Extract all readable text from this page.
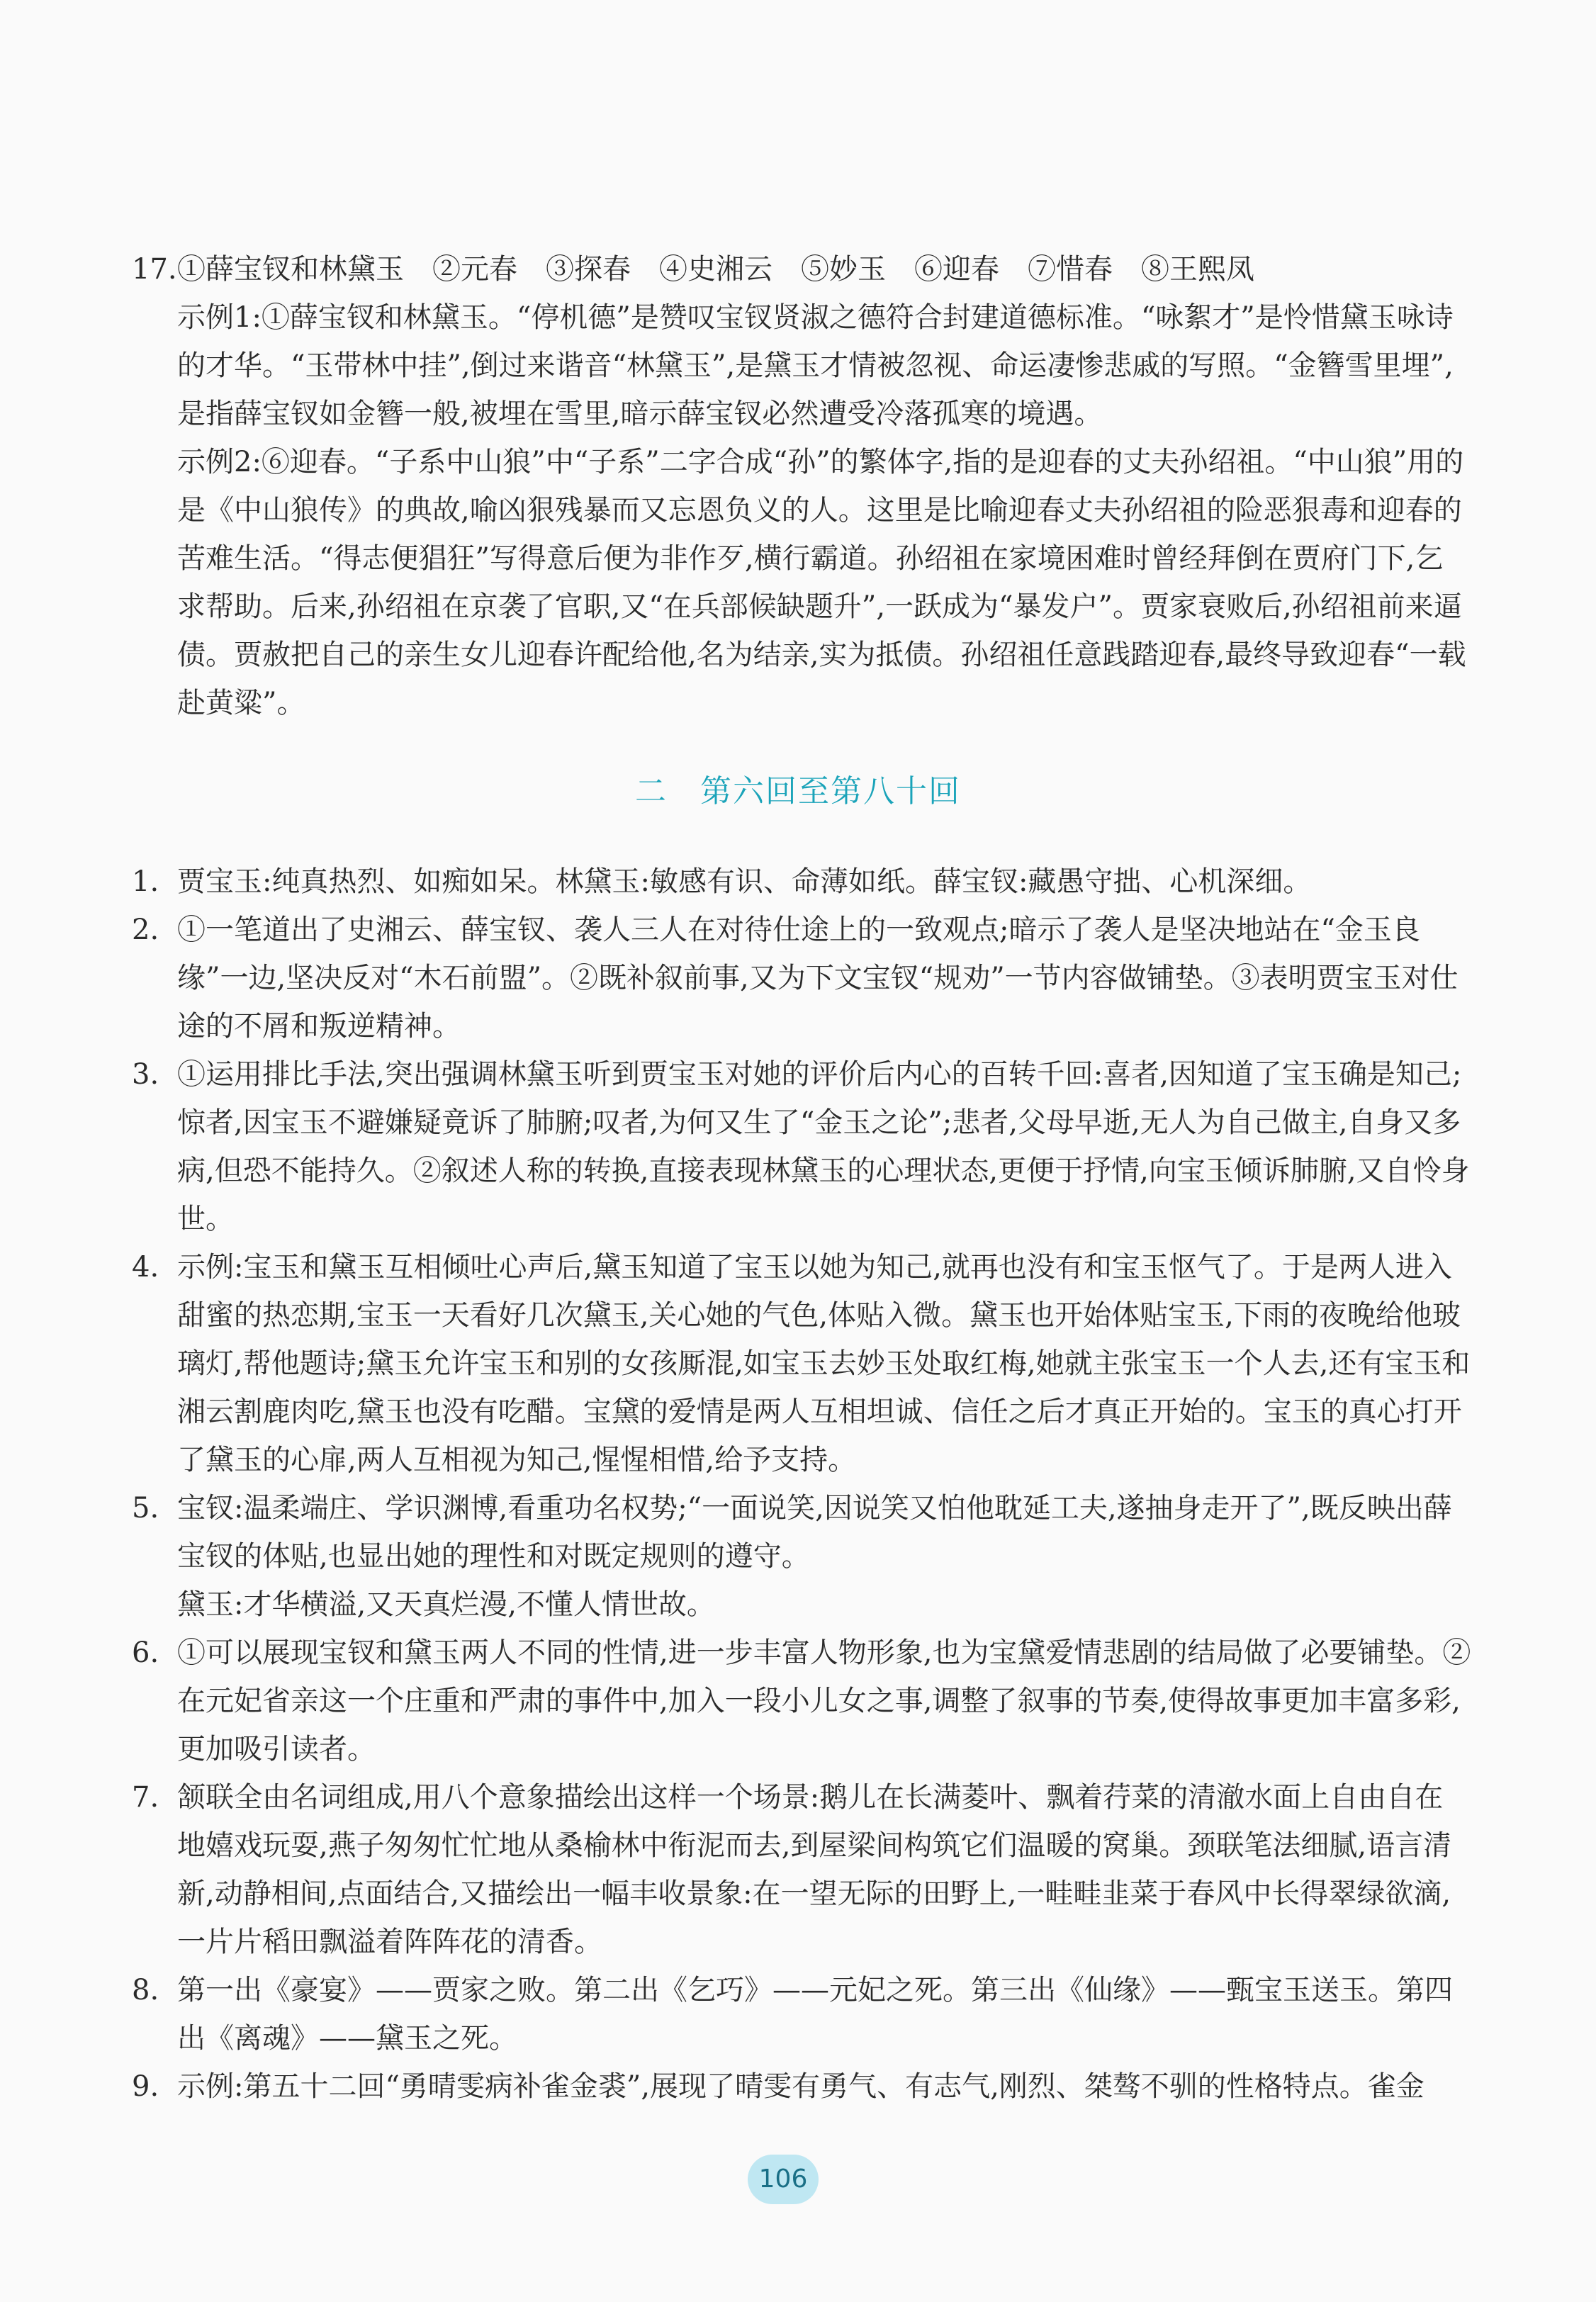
17. ①薛宝钗和林黛玉　②元春　③探春　④史湘云　⑤妙玉　⑥迎春　⑦惜春　⑧王熙凤

示例1:①薛宝钗和林黛玉。“停机德”是赞叹宝钗贤淑之德符合封建道德标准。“咏絮才”是怜惜黛玉咏诗的才华。“玉带林中挂”,倒过来谐音“林黛玉”,是黛玉才情被忽视、命运凄惨悲戚的写照。“金簪雪里埋”,是指薛宝钗如金簪一般,被埋在雪里,暗示薛宝钗必然遭受冷落孤寒的境遇。

示例2:⑥迎春。“子系中山狼”中“子系”二字合成“孙”的繁体字,指的是迎春的丈夫孙绍祖。“中山狼”用的是《中山狼传》的典故,喻凶狠残暴而又忘恩负义的人。这里是比喻迎春丈夫孙绍祖的险恶狠毒和迎春的苦难生活。“得志便猖狂”写得意后便为非作歹,横行霸道。孙绍祖在家境困难时曾经拜倒在贾府门下,乞求帮助。后来,孙绍祖在京袭了官职,又“在兵部候缺题升”,一跃成为“暴发户”。贾家衰败后,孙绍祖前来逼债。贾赦把自己的亲生女儿迎春许配给他,名为结亲,实为抵债。孙绍祖任意践踏迎春,最终导致迎春“一载赴黄粱”。

二　第六回至第八十回
1. 贾宝玉:纯真热烈、如痴如呆。林黛玉:敏感有识、命薄如纸。薛宝钗:藏愚守拙、心机深细。

2. ①一笔道出了史湘云、薛宝钗、袭人三人在对待仕途上的一致观点;暗示了袭人是坚决地站在“金玉良缘”一边,坚决反对“木石前盟”。②既补叙前事,又为下文宝钗“规劝”一节内容做铺垫。③表明贾宝玉对仕途的不屑和叛逆精神。

3. ①运用排比手法,突出强调林黛玉听到贾宝玉对她的评价后内心的百转千回:喜者,因知道了宝玉确是知己;惊者,因宝玉不避嫌疑竟诉了肺腑;叹者,为何又生了“金玉之论”;悲者,父母早逝,无人为自己做主,自身又多病,但恐不能持久。②叙述人称的转换,直接表现林黛玉的心理状态,更便于抒情,向宝玉倾诉肺腑,又自怜身世。

4. 示例:宝玉和黛玉互相倾吐心声后,黛玉知道了宝玉以她为知己,就再也没有和宝玉怄气了。于是两人进入甜蜜的热恋期,宝玉一天看好几次黛玉,关心她的气色,体贴入微。黛玉也开始体贴宝玉,下雨的夜晚给他玻璃灯,帮他题诗;黛玉允许宝玉和别的女孩厮混,如宝玉去妙玉处取红梅,她就主张宝玉一个人去,还有宝玉和湘云割鹿肉吃,黛玉也没有吃醋。宝黛的爱情是两人互相坦诚、信任之后才真正开始的。宝玉的真心打开了黛玉的心扉,两人互相视为知己,惺惺相惜,给予支持。

5. 宝钗:温柔端庄、学识渊博,看重功名权势;“一面说笑,因说笑又怕他耽延工夫,遂抽身走开了”,既反映出薛宝钗的体贴,也显出她的理性和对既定规则的遵守。

黛玉:才华横溢,又天真烂漫,不懂人情世故。

6. ①可以展现宝钗和黛玉两人不同的性情,进一步丰富人物形象,也为宝黛爱情悲剧的结局做了必要铺垫。②在元妃省亲这一个庄重和严肃的事件中,加入一段小儿女之事,调整了叙事的节奏,使得故事更加丰富多彩,更加吸引读者。

7. 颔联全由名词组成,用八个意象描绘出这样一个场景:鹅儿在长满菱叶、飘着荇菜的清澈水面上自由自在地嬉戏玩耍,燕子匆匆忙忙地从桑榆林中衔泥而去,到屋梁间构筑它们温暖的窝巢。颈联笔法细腻,语言清新,动静相间,点面结合,又描绘出一幅丰收景象:在一望无际的田野上,一畦畦韭菜于春风中长得翠绿欲滴,一片片稻田飘溢着阵阵花的清香。

8. 第一出《豪宴》——贾家之败。第二出《乞巧》——元妃之死。第三出《仙缘》——甄宝玉送玉。第四出《离魂》——黛玉之死。

9. 示例:第五十二回“勇晴雯病补雀金裘”,展现了晴雯有勇气、有志气,刚烈、桀骜不驯的性格特点。雀金

106
